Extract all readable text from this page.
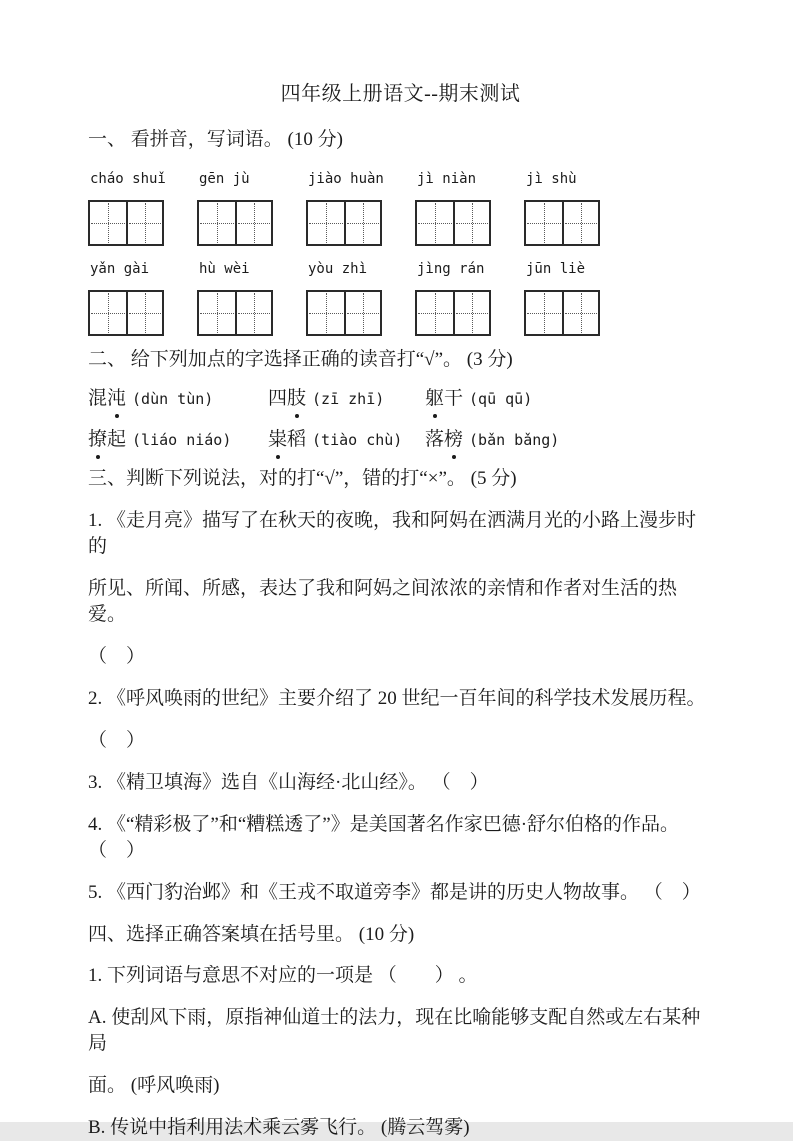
四年级上册语文--期末测试
一、 看拼音，写词语。 (10 分)
cháo shuǐ	gēn jù	jiào huàn	jì niàn	jì shù
yǎn gài	hù wèi	yòu zhì	jìng rán	jūn liè
二、 给下列加点的字选择正确的读音打“√”。 (3 分)
混沌 (dùn tùn)	四肢 (zī zhī)	躯干 (qū qū)
撩起 (liáo niáo)	粜稻 (tiào chù)	落榜 (bǎn bǎng)
三、判断下列说法，对的打“√”，错的打“×”。 (5 分)
1. 《走月亮》描写了在秋天的夜晚，我和阿妈在洒满月光的小路上漫步时的
所见、所闻、所感，表达了我和阿妈之间浓浓的亲情和作者对生活的热爱。
（　）
2. 《呼风唤雨的世纪》主要介绍了 20 世纪一百年间的科学技术发展历程。
（　）
3. 《精卫填海》选自《山海经·北山经》。 （　）
4. 《“精彩极了”和“糟糕透了”》是美国著名作家巴德·舒尔伯格的作品。（　）
5. 《西门豹治邺》和《王戎不取道旁李》都是讲的历史人物故事。 （　）
四、选择正确答案填在括号里。 (10 分)
1. 下列词语与意思不对应的一项是 （　　） 。
A. 使刮风下雨，原指神仙道士的法力，现在比喻能够支配自然或左右某种局
面。 (呼风唤雨)
B. 传说中指利用法术乘云雾飞行。 (腾云驾雾)
